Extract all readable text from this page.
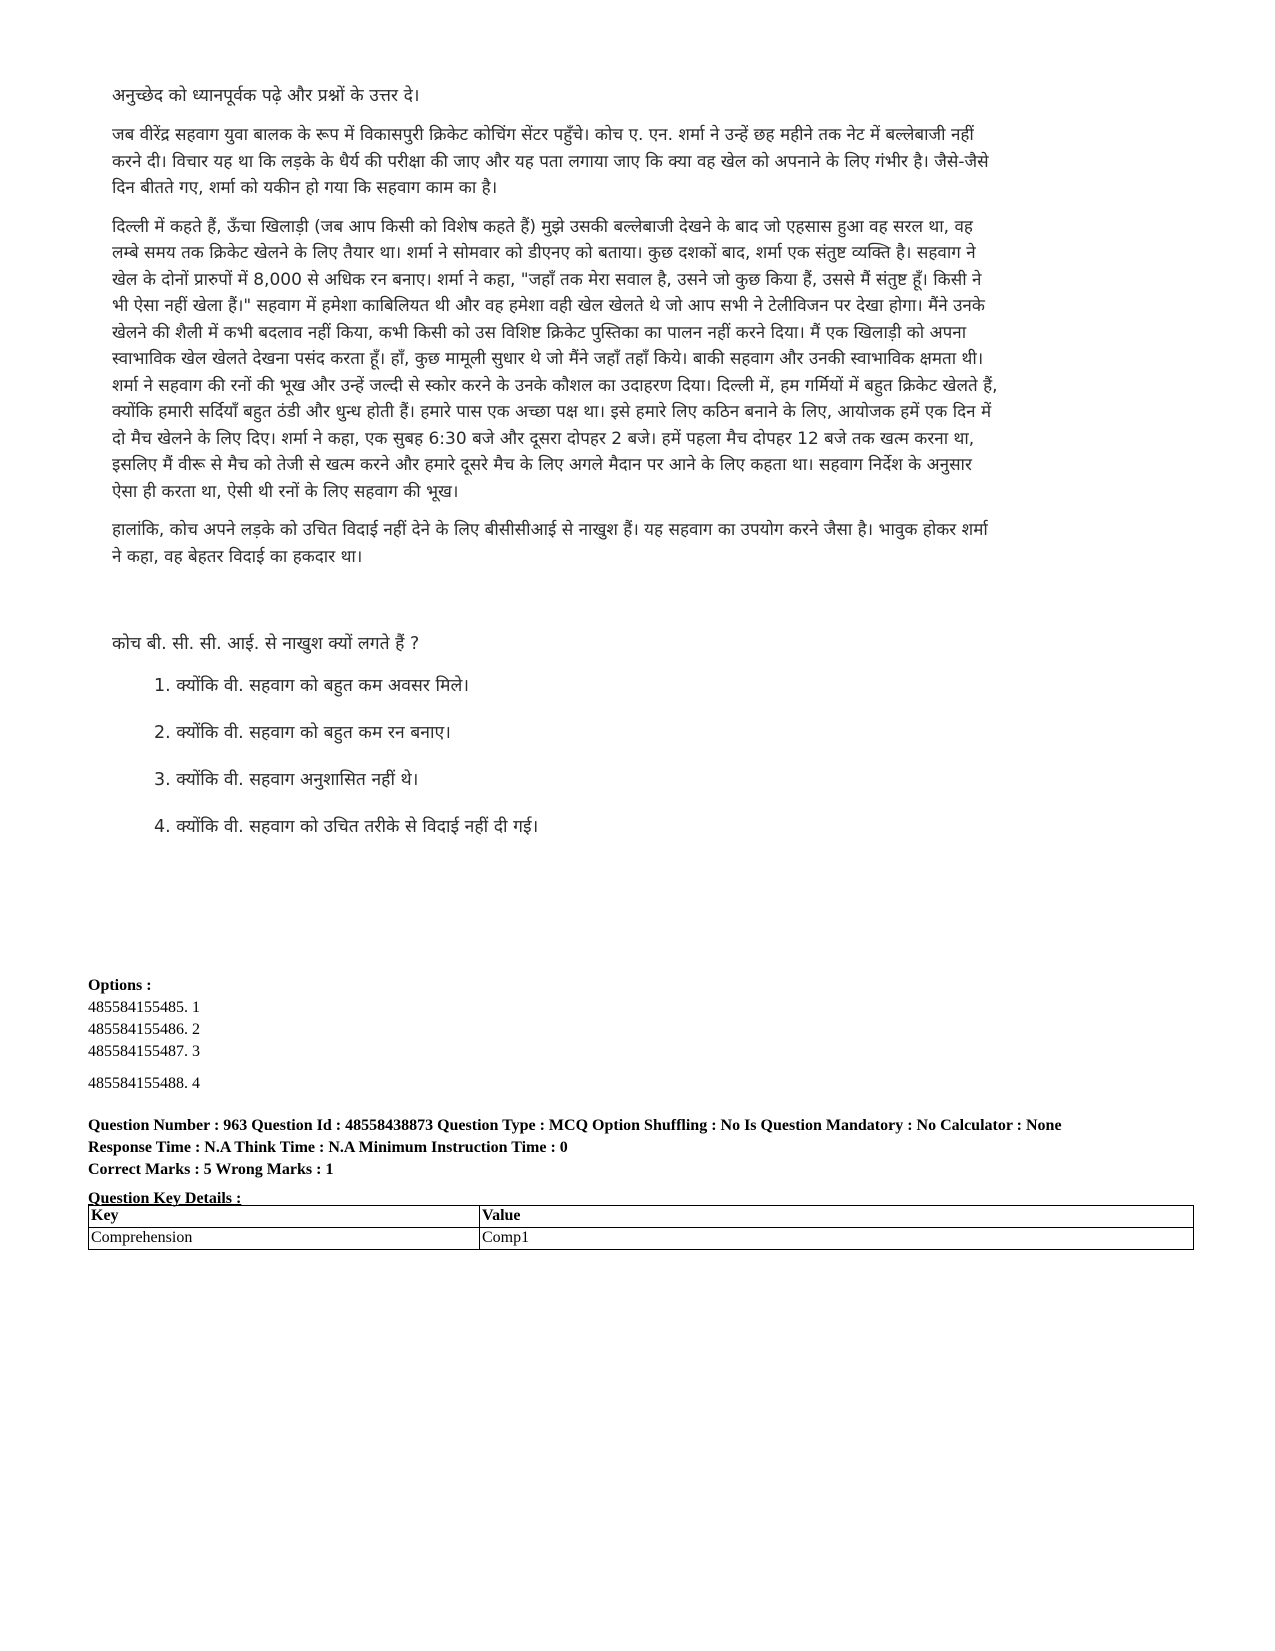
अनुच्छेद को ध्यानपूर्वक पढ़े और प्रश्नों के उत्तर दे।

जब वीरेंद्र सहवाग युवा बालक के रूप में विकासपुरी क्रिकेट कोचिंग सेंटर पहुँचे। कोच ए. एन. शर्मा ने उन्हें छह महीने तक नेट में बल्लेबाजी नहीं करने दी। विचार यह था कि लड़के के धैर्य की परीक्षा की जाए और यह पता लगाया जाए कि क्या वह खेल को अपनाने के लिए गंभीर है। जैसे-जैसे दिन बीतते गए, शर्मा को यकीन हो गया कि सहवाग काम का है।

दिल्ली में कहते हैं, ऊँचा खिलाड़ी (जब आप किसी को विशेष कहते हैं) मुझे उसकी बल्लेबाजी देखने के बाद जो एहसास हुआ वह सरल था, वह लम्बे समय तक क्रिकेट खेलने के लिए तैयार था। शर्मा ने सोमवार को डीएनए को बताया। कुछ दशकों बाद, शर्मा एक संतुष्ट व्यक्ति है। सहवाग ने खेल के दोनों प्रारुपों में 8,000 से अधिक रन बनाए। शर्मा ने कहा, "जहाँ तक मेरा सवाल है, उसने जो कुछ किया हैं, उससे मैं संतुष्ट हूँ। किसी ने भी ऐसा नहीं खेला हैं।" सहवाग में हमेशा काबिलियत थी और वह हमेशा वही खेल खेलते थे जो आप सभी ने टेलीविजन पर देखा होगा। मैंने उनके खेलने की शैली में कभी बदलाव नहीं किया, कभी किसी को उस विशिष्ट क्रिकेट पुस्तिका का पालन नहीं करने दिया। मैं एक खिलाड़ी को अपना स्वाभाविक खेल खेलते देखना पसंद करता हूँ। हाँ, कुछ मामूली सुधार थे जो मैंने जहाँ तहाँ किये। बाकी सहवाग और उनकी स्वाभाविक क्षमता थी। शर्मा ने सहवाग की रनों की भूख और उन्हें जल्दी से स्कोर करने के उनके कौशल का उदाहरण दिया। दिल्ली में, हम गर्मियों में बहुत क्रिकेट खेलते हैं, क्योंकि हमारी सर्दियाँ बहुत ठंडी और धुन्ध होती हैं। हमारे पास एक अच्छा पक्ष था। इसे हमारे लिए कठिन बनाने के लिए, आयोजक हमें एक दिन में दो मैच खेलने के लिए दिए। शर्मा ने कहा, एक सुबह 6:30 बजे और दूसरा दोपहर 2 बजे। हमें पहला मैच दोपहर 12 बजे तक खत्म करना था, इसलिए मैं वीरू से मैच को तेजी से खत्म करने और हमारे दूसरे मैच के लिए अगले मैदान पर आने के लिए कहता था। सहवाग निर्देश के अनुसार ऐसा ही करता था, ऐसी थी रनों के लिए सहवाग की भूख।

हालांकि, कोच अपने लड़के को उचित विदाई नहीं देने के लिए बीसीसीआई से नाखुश हैं। यह सहवाग का उपयोग करने जैसा है। भावुक होकर शर्मा ने कहा, वह बेहतर विदाई का हकदार था।

कोच बी. सी. सी. आई. से नाखुश क्यों लगते हैं ?

1. क्योंकि वी. सहवाग को बहुत कम अवसर मिले।
2. क्योंकि वी. सहवाग को बहुत कम रन बनाए।
3. क्योंकि वी. सहवाग अनुशासित नहीं थे।
4. क्योंकि वी. सहवाग को उचित तरीके से विदाई नहीं दी गई।
Options :
485584155485. 1
485584155486. 2
485584155487. 3
485584155488. 4
Question Number : 963 Question Id : 48558438873 Question Type : MCQ Option Shuffling : No Is Question Mandatory : No Calculator : None
Response Time : N.A Think Time : N.A Minimum Instruction Time : 0
Correct Marks : 5 Wrong Marks : 1
Question Key Details :
Key	Value
Comprehension	Comp1
